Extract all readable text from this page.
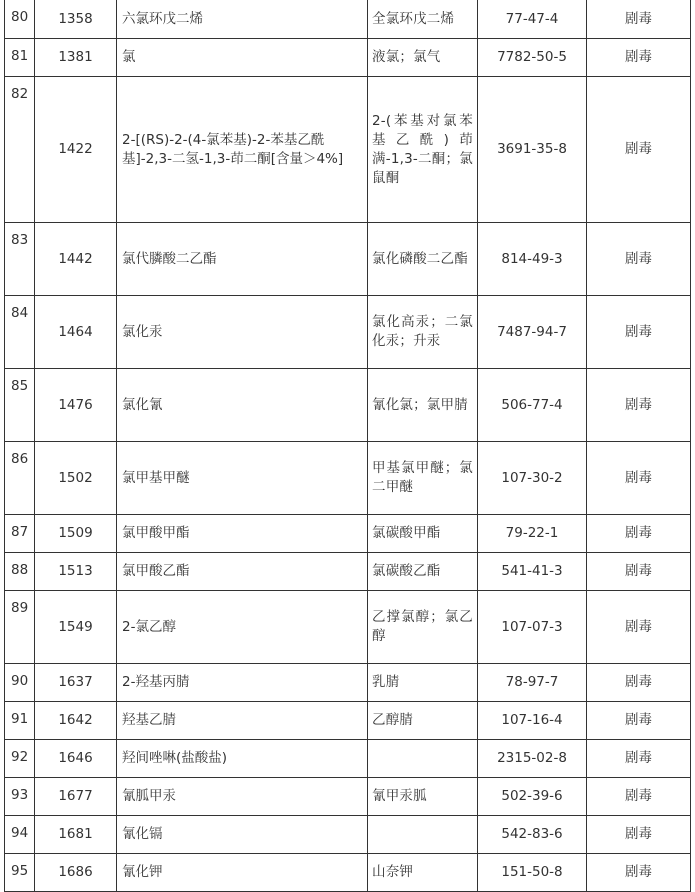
80	1358	六氯环戊二烯	全氯环戊二烯	77-47-4	剧毒
81	1381	氯	液氯；氯气	7782-50-5	剧毒
82	1422	2-[(RS)-2-(4-氯苯基)-2-苯基乙酰基]-2,3-二氢-1,3-茚二酮[含量＞4%]	2-(苯基对氯苯基乙酰)茚满-1,3-二酮；氯鼠酮	3691-35-8	剧毒
83	1442	氯代膦酸二乙酯	氯化磷酸二乙酯	814-49-3	剧毒
84	1464	氯化汞	氯化高汞；二氯化汞；升汞	7487-94-7	剧毒
85	1476	氯化氰	氰化氯；氯甲腈	506-77-4	剧毒
86	1502	氯甲基甲醚	甲基氯甲醚；氯二甲醚	107-30-2	剧毒
87	1509	氯甲酸甲酯	氯碳酸甲酯	79-22-1	剧毒
88	1513	氯甲酸乙酯	氯碳酸乙酯	541-41-3	剧毒
89	1549	2-氯乙醇	乙撑氯醇；氯乙醇	107-07-3	剧毒
90	1637	2-羟基丙腈	乳腈	78-97-7	剧毒
91	1642	羟基乙腈	乙醇腈	107-16-4	剧毒
92	1646	羟间唑啉(盐酸盐)		2315-02-8	剧毒
93	1677	氰胍甲汞	氰甲汞胍	502-39-6	剧毒
94	1681	氰化镉		542-83-6	剧毒
95	1686	氰化钾	山奈钾	151-50-8	剧毒
